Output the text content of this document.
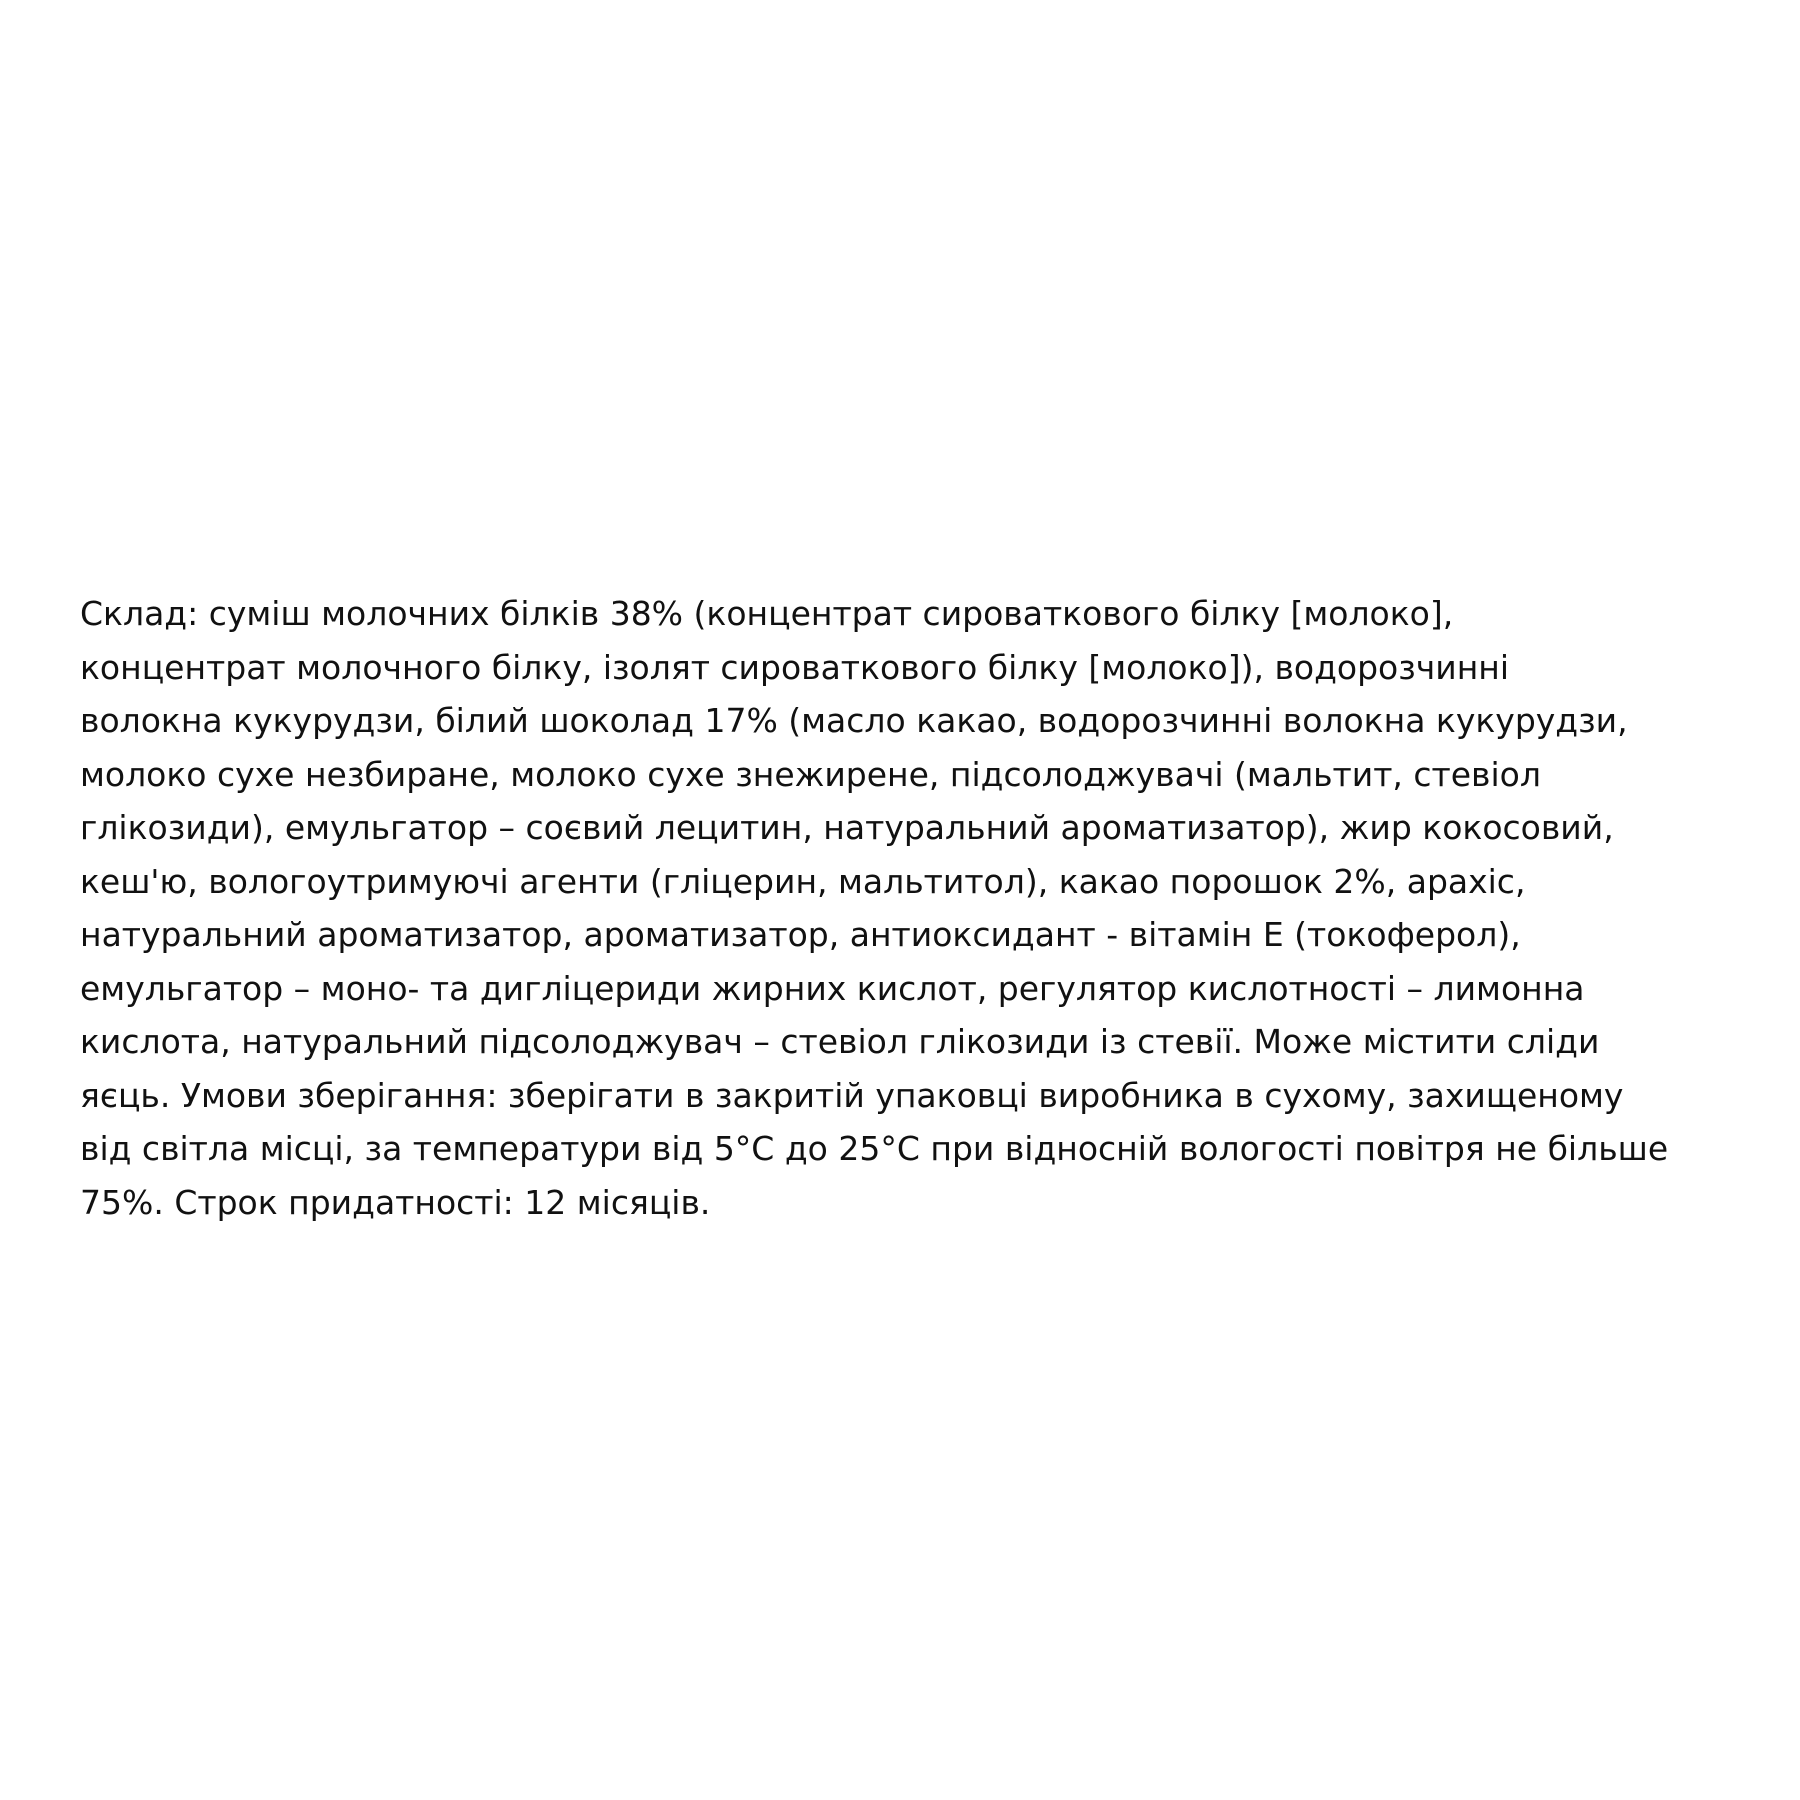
Склад: суміш молочних білків 38% (концентрат сироваткового білку [молоко],
концентрат молочного білку, ізолят сироваткового білку [молоко]), водорозчинні
волокна кукурудзи, білий шоколад 17% (масло какао, водорозчинні волокна кукурудзи,
молоко сухе незбиране, молоко сухе знежирене, підсолоджувачі (мальтит, стевіол
глікозиди), емульгатор – соєвий лецитин, натуральний ароматизатор), жир кокосовий,
кеш'ю, вологоутримуючі агенти (гліцерин, мальтитол), какао порошок 2%, арахіс,
натуральний ароматизатор, ароматизатор, антиоксидант - вітамін Е (токоферол),
емульгатор – моно- та дигліцериди жирних кислот, регулятор кислотності – лимонна
кислота, натуральний підсолоджувач – стевіол глікозиди із стевії. Може містити сліди
яєць. Умови зберігання: зберігати в закритій упаковці виробника в сухому, захищеному
від світла місці, за температури від 5°С до 25°С при відносній вологості повітря не більше
75%. Строк придатності: 12 місяців.
